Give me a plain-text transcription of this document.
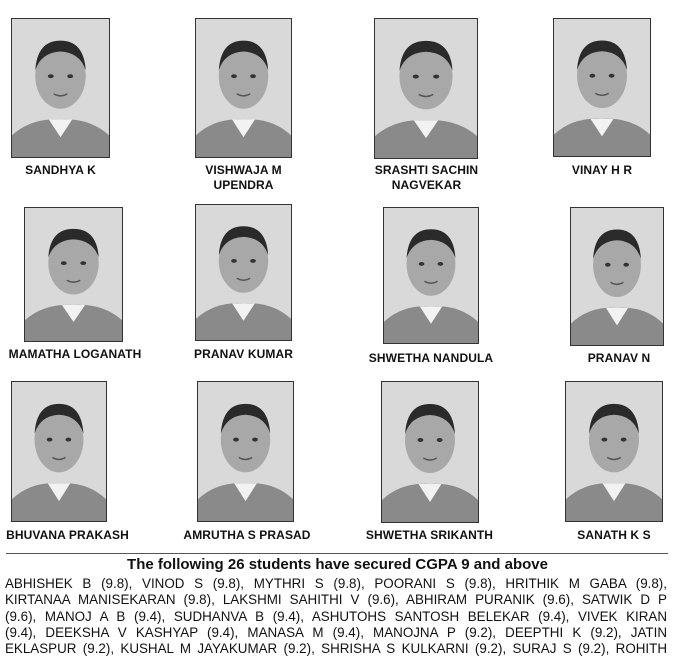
SANDHYA K	VISHWAJA M
UPENDRA
SRASHTI SACHIN
NAGVEKAR
VINAY H R
MAMATHA LOGANATH	PRANAV KUMAR	SHWETHA NANDULA	PRANAV N
BHUVANA PRAKASH	AMRUTHA S PRASAD	SHWETHA SRIKANTH	SANATH K S
The following 26 students have secured CGPA 9 and above
ABHISHEK B (9.8), VINOD S (9.8), MYTHRI S (9.8), POORANI S (9.8), HRITHIK M GABA (9.8),
KIRTANAA MANISEKARAN (9.8), LAKSHMI SAHITHI V (9.6), ABHIRAM PURANIK (9.6), SATWIK D P
(9.6), MANOJ A B (9.4), SUDHANVA B (9.4), ASHUTOHS SANTOSH BELEKAR (9.4), VIVEK KIRAN
(9.4), DEEKSHA V KASHYAP (9.4), MANASA M (9.4), MANOJNA P (9.2), DEEPTHI K (9.2), JATIN
EKLASPUR (9.2), KUSHAL M JAYAKUMAR (9.2), SHRISHA S KULKARNI (9.2), SURAJ S (9.2), ROHITH
